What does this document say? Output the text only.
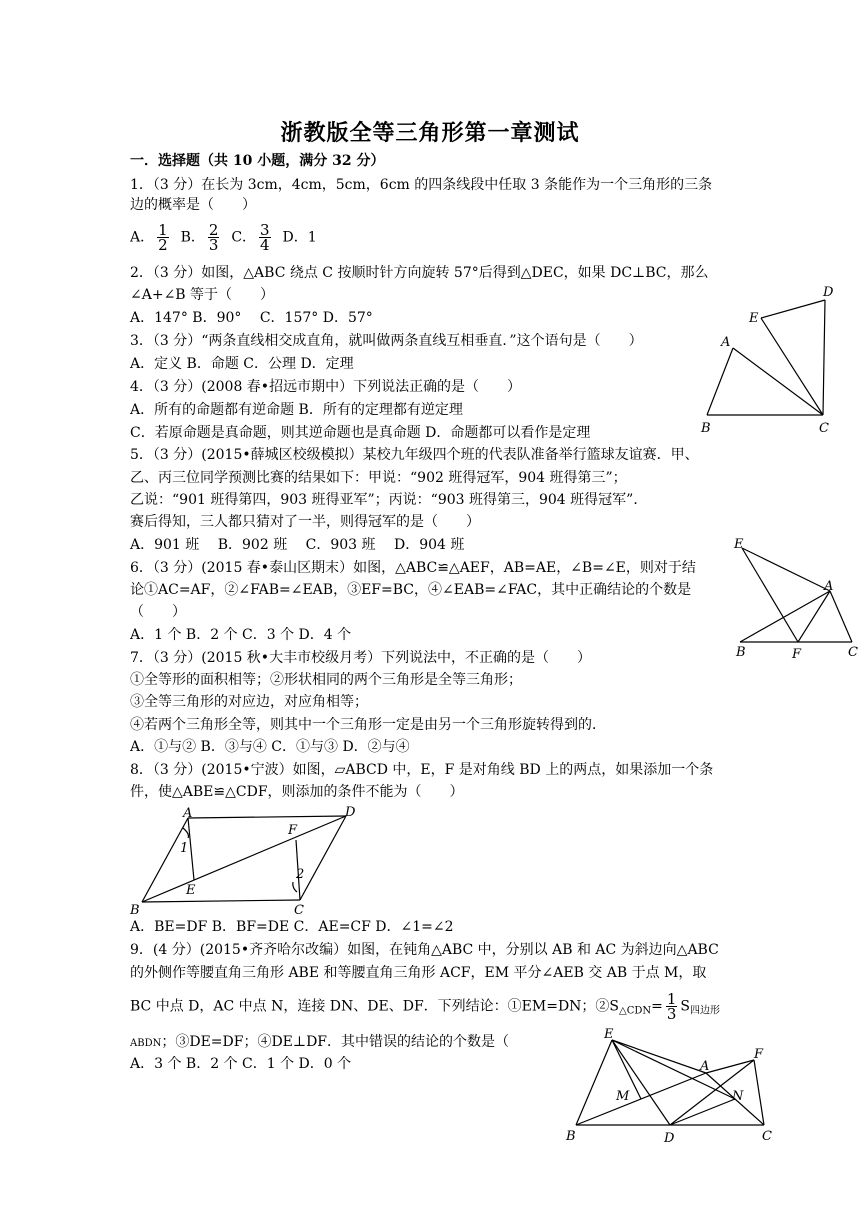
浙教版全等三角形第一章测试
一．选择题（共 10 小题，满分 32 分）
1．（3 分）在长为 3cm，4cm，5cm，6cm 的四条线段中任取 3 条能作为一个三角形的三条
边的概率是（　　）
A． $\frac{1}{2}$ B． $\frac{2}{3}$ C． $\frac{3}{4}$ D．1
2．（3 分）如图，△ABC 绕点 C 按顺时针方向旋转 57°后得到△DEC，如果 DC⊥BC，那么
∠A+∠B 等于（　　）
A．147° B．90°　 C．157° D．57°
3．（3 分）“两条直线相交成直角，就叫做两条直线互相垂直．”这个语句是（　　）
A．定义 B．命题 C．公理 D．定理
4．（3 分）(2008 春•招远市期中）下列说法正确的是（　　）
A．所有的命题都有逆命题 B．所有的定理都有逆定理
C．若原命题是真命题，则其逆命题也是真命题 D．命题都可以看作是定理
5．（3 分）(2015•薛城区校级模拟）某校九年级四个班的代表队准备举行篮球友谊赛．甲、
乙、丙三位同学预测比赛的结果如下：甲说：“902 班得冠军，904 班得第三”；
乙说：“901 班得第四，903 班得亚军”；丙说：“903 班得第三，904 班得冠军”．
赛后得知，三人都只猜对了一半，则得冠军的是（　　）
A．901 班　 B．902 班　 C．903 班　 D．904 班
6．（3 分）(2015 春•泰山区期末）如图，△ABC≌△AEF，AB=AE，∠B=∠E，则对于结
论①AC=AF，②∠FAB=∠EAB，③EF=BC，④∠EAB=∠FAC，其中正确结论的个数是
（　　）
A．1 个 B．2 个 C．3 个 D．4 个
7．（3 分）(2015 秋•大丰市校级月考）下列说法中，不正确的是（　　）
①全等形的面积相等；②形状相同的两个三角形是全等三角形；
③全等三角形的对应边，对应角相等；
④若两个三角形全等，则其中一个三角形一定是由另一个三角形旋转得到的．
A．①与② B．③与④ C．①与③ D．②与④
8．（3 分）(2015•宁波）如图，▱ABCD 中，E，F 是对角线 BD 上的两点，如果添加一个条
件，使△ABE≌△CDF，则添加的条件不能为（　　）
A．BE=DF B．BF=DE C．AE=CF D．∠1=∠2
9．(4 分）(2015•齐齐哈尔改编）如图，在钝角△ABC 中，分别以 AB 和 AC 为斜边向△ABC
的外侧作等腰直角三角形 ABE 和等腰直角三角形 ACF，EM 平分∠AEB 交 AB 于点 M，取
BC 中点 D，AC 中点 N，连接 DN、DE、DF．下列结论：①EM=DN；$②S_{\triangle CDN}= \frac{1}{3} S_{四边形}$
ABDN；③DE=DF；④DE⊥DF．其中错误的结论的个数是（
A．3 个 B．2 个 C．1 个 D．0 个
A
B	C
D
E
E
A
B	F	C
A	D
F
1
2
E
B	C
E
F
A
M	N
B	D	C
